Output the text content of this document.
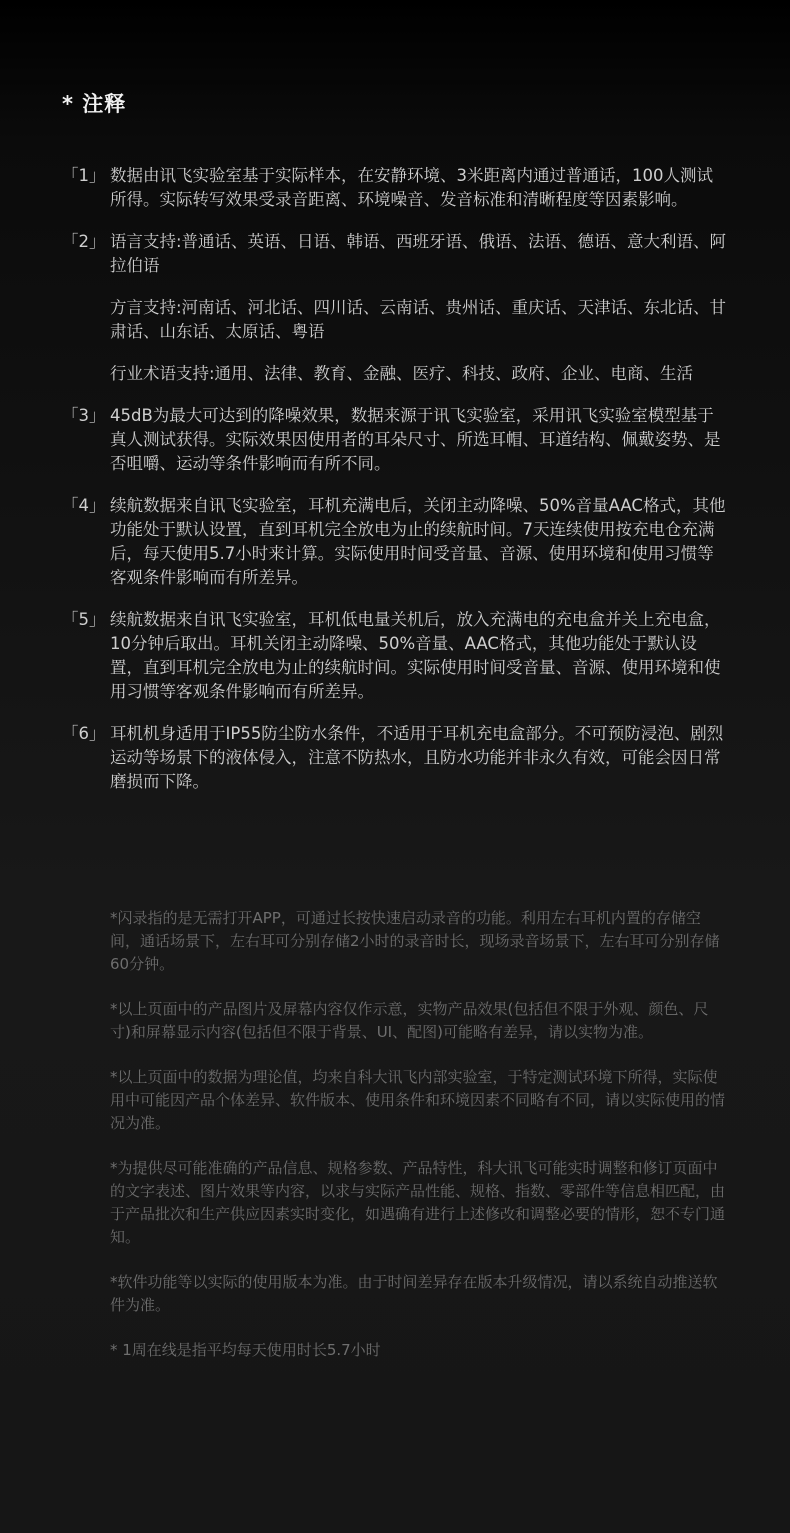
* 注释
「1」 数据由讯飞实验室基于实际样本，在安静环境、3米距离内通过普通话，100人测试所得。实际转写效果受录音距离、环境噪音、发音标准和清晰程度等因素影响。

「2」 语言支持:普通话、英语、日语、韩语、西班牙语、俄语、法语、德语、意大利语、阿拉伯语

方言支持:河南话、河北话、四川话、云南话、贵州话、重庆话、天津话、东北话、甘肃话、山东话、太原话、粤语

行业术语支持:通用、法律、教育、金融、医疗、科技、政府、企业、电商、生活

「3」 45dB为最大可达到的降噪效果，数据来源于讯飞实验室，采用讯飞实验室模型基于真人测试获得。实际效果因使用者的耳朵尺寸、所选耳帽、耳道结构、佩戴姿势、是否咀嚼、运动等条件影响而有所不同。

「4」 续航数据来自讯飞实验室，耳机充满电后，关闭主动降噪、50%音量AAC格式，其他功能处于默认设置，直到耳机完全放电为止的续航时间。7天连续使用按充电仓充满后，每天使用5.7小时来计算。实际使用时间受音量、音源、使用环境和使用习惯等客观条件影响而有所差异。

「5」 续航数据来自讯飞实验室，耳机低电量关机后，放入充满电的充电盒并关上充电盒，10分钟后取出。耳机关闭主动降噪、50%音量、AAC格式，其他功能处于默认设置，直到耳机完全放电为止的续航时间。实际使用时间受音量、音源、使用环境和使用习惯等客观条件影响而有所差异。

「6」 耳机机身适用于IP55防尘防水条件，不适用于耳机充电盒部分。不可预防浸泡、剧烈运动等场景下的液体侵入，注意不防热水，且防水功能并非永久有效，可能会因日常磨损而下降。

*闪录指的是无需打开APP，可通过长按快速启动录音的功能。利用左右耳机内置的存储空间，通话场景下，左右耳可分别存储2小时的录音时长，现场录音场景下，左右耳可分别存储60分钟。

*以上页面中的产品图片及屏幕内容仅作示意，实物产品效果(包括但不限于外观、颜色、尺寸)和屏幕显示内容(包括但不限于背景、UI、配图)可能略有差异，请以实物为准。

*以上页面中的数据为理论值，均来自科大讯飞内部实验室，于特定测试环境下所得，实际使用中可能因产品个体差异、软件版本、使用条件和环境因素不同略有不同，请以实际使用的情况为准。

*为提供尽可能准确的产品信息、规格参数、产品特性，科大讯飞可能实时调整和修订页面中的文字表述、图片效果等内容，以求与实际产品性能、规格、指数、零部件等信息相匹配，由于产品批次和生产供应因素实时变化，如遇确有进行上述修改和调整必要的情形，恕不专门通知。

*软件功能等以实际的使用版本为准。由于时间差异存在版本升级情况，请以系统自动推送软件为准。

* 1周在线是指平均每天使用时长5.7小时
